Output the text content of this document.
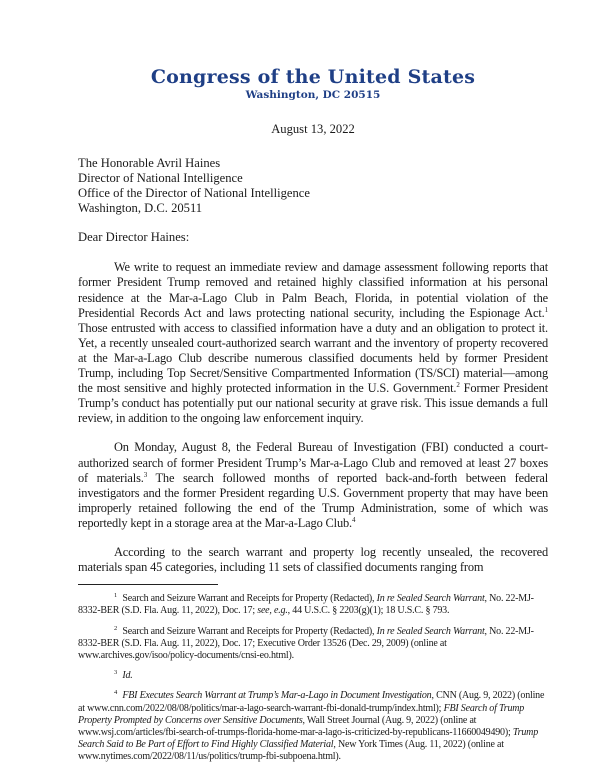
Congress of the United States
Washington, DC 20515
August 13, 2022
The Honorable Avril Haines
Director of National Intelligence
Office of the Director of National Intelligence
Washington, D.C. 20511
Dear Director Haines:

We write to request an immediate review and damage assessment following reports that former President Trump removed and retained highly classified information at his personal residence at the Mar-a-Lago Club in Palm Beach, Florida, in potential violation of the Presidential Records Act and laws protecting national security, including the Espionage Act.$^1$ Those entrusted with access to classified information have a duty and an obligation to protect it. Yet, a recently unsealed court-authorized search warrant and the inventory of property recovered at the Mar-a-Lago Club describe numerous classified documents held by former President Trump, including Top Secret/Sensitive Compartmented Information (TS/SCI) material—among the most sensitive and highly protected information in the U.S. Government.$^2$ Former President Trump’s conduct has potentially put our national security at grave risk. This issue demands a full review, in addition to the ongoing law enforcement inquiry.

On Monday, August 8, the Federal Bureau of Investigation (FBI) conducted a court-authorized search of former President Trump’s Mar-a-Lago Club and removed at least 27 boxes of materials.$^3$ The search followed months of reported back-and-forth between federal investigators and the former President regarding U.S. Government property that may have been improperly retained following the end of the Trump Administration, some of which was reportedly kept in a storage area at the Mar-a-Lago Club.$^4$

According to the search warrant and property log recently unsealed, the recovered materials span 45 categories, including 11 sets of classified documents ranging from

$^1$ Search and Seizure Warrant and Receipts for Property (Redacted), In re Sealed Search Warrant, No. 22-MJ-8332-BER (S.D. Fla. Aug. 11, 2022), Doc. 17; see, e.g., 44 U.S.C. § 2203(g)(1); 18 U.S.C. § 793.

$^2$ Search and Seizure Warrant and Receipts for Property (Redacted), In re Sealed Search Warrant, No. 22-MJ-8332-BER (S.D. Fla. Aug. 11, 2022), Doc. 17; Executive Order 13526 (Dec. 29, 2009) (online at www.archives.gov/isoo/policy-documents/cnsi-eo.html).

$^3$ Id.

$^4$ FBI Executes Search Warrant at Trump’s Mar-a-Lago in Document Investigation, CNN (Aug. 9, 2022) (online at www.cnn.com/2022/08/08/politics/mar-a-lago-search-warrant-fbi-donald-trump/index.html); FBI Search of Trump Property Prompted by Concerns over Sensitive Documents, Wall Street Journal (Aug. 9, 2022) (online at www.wsj.com/articles/fbi-search-of-trumps-florida-home-mar-a-lago-is-criticized-by-republicans-11660049490); Trump Search Said to Be Part of Effort to Find Highly Classified Material, New York Times (Aug. 11, 2022) (online at www.nytimes.com/2022/08/11/us/politics/trump-fbi-subpoena.html).
